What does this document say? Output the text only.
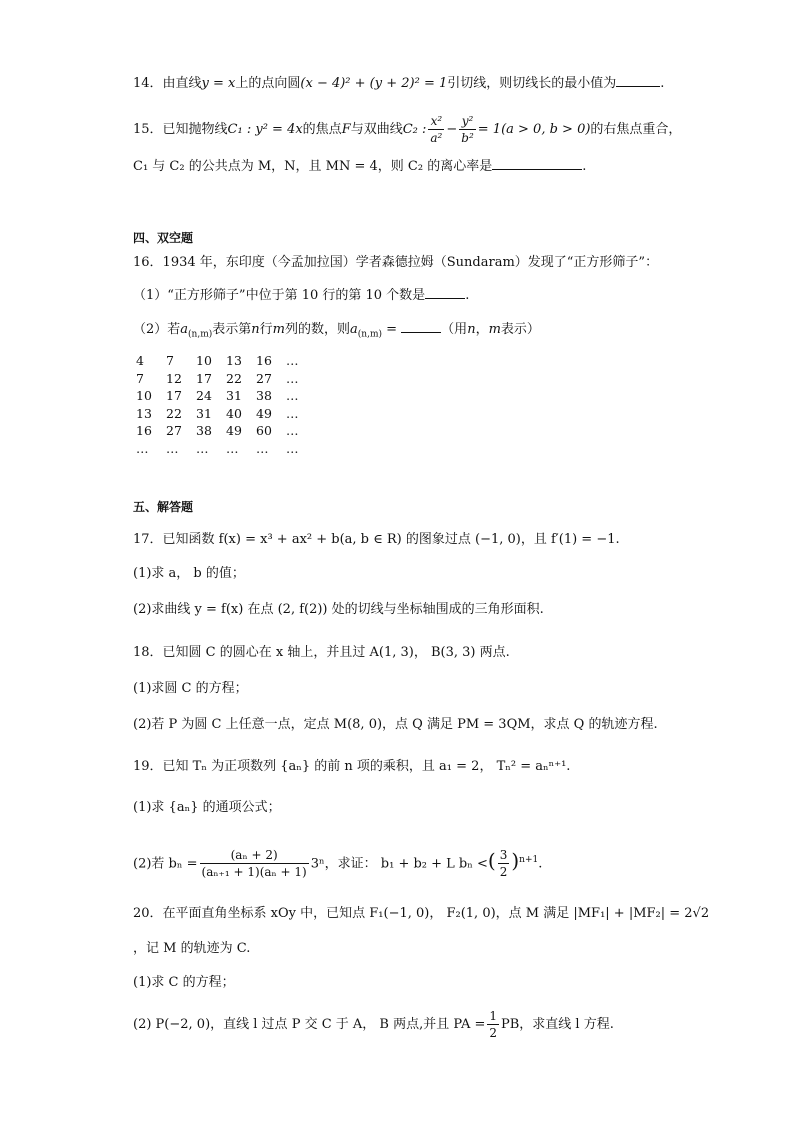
14．由直线y = x上的点向圆(x − 4)² + (y + 2)² = 1引切线，则切线长的最小值为	.
15．已知抛物线C₁ : y² = 4x的焦点F与双曲线C₂ : $\frac{\text{x²}}{\text{a²}} - \frac{\text{y²}}{\text{b²}} = 1(a > 0$, b > 0)的右焦点重合，
C₁ 与 C₂ 的公共点为 M，N，且 MN = 4，则 C₂ 的离心率是	.
四、双空题
16．1934 年，东印度（今孟加拉国）学者森德拉姆（Sundaram）发现了“正方形筛子”：
（1）“正方形筛子”中位于第 10 行的第 10 个数是	.
（2）若$a_{(n,m)}$表示第n行m列的数，则$a_{(n,m)}$ =	（用n，m表示）
4	7	10	13	16	…
7	12	17	22	27	…
10	17	24	31	38	…
13	22	31	40	49	…
16	27	38	49	60	…
…	…	…	…	…	…
五、解答题
17．已知函数 f(x) = x³ + ax² + b(a, b ∈ R) 的图象过点 (−1, 0)，且 f′(1) = −1.
(1)求 a， b 的值；
(2)求曲线 y = f(x) 在点 (2, f(2)) 处的切线与坐标轴围成的三角形面积.
18．已知圆 C 的圆心在 x 轴上，并且过 A(1, 3)， B(3, 3) 两点.
(1)求圆 C 的方程；
(2)若 P 为圆 C 上任意一点，定点 M(8, 0)，点 Q 满足 PM = 3QM，求点 Q 的轨迹方程.
19．已知 Tₙ 为正项数列 {aₙ} 的前 n 项的乘积，且 a₁ = 2， Tₙ² = aₙⁿ⁺¹.
(1)求 {aₙ} 的通项公式；
(2)若 $b_n = \frac{\text{(aₙ + 2)}}{\text{(aₙ₊₁ + 1)(aₙ + 1)}} 3^n$，求证： b₁ + b₂ + L bₙ <( $\frac{3}{2} )^{n+1}$.
20．在平面直角坐标系 xOy 中，已知点 F₁(−1, 0)， F₂(1, 0)，点 M 满足 |MF₁| + |MF₂| = 2√2
，记 M 的轨迹为 C.
(1)求 C 的方程；
(2) P(−2, 0)，直线 l 过点 P 交 C 于 A， B 两点,并且 PA = $\frac{1}{2}$ PB，求直线 l 方程.
